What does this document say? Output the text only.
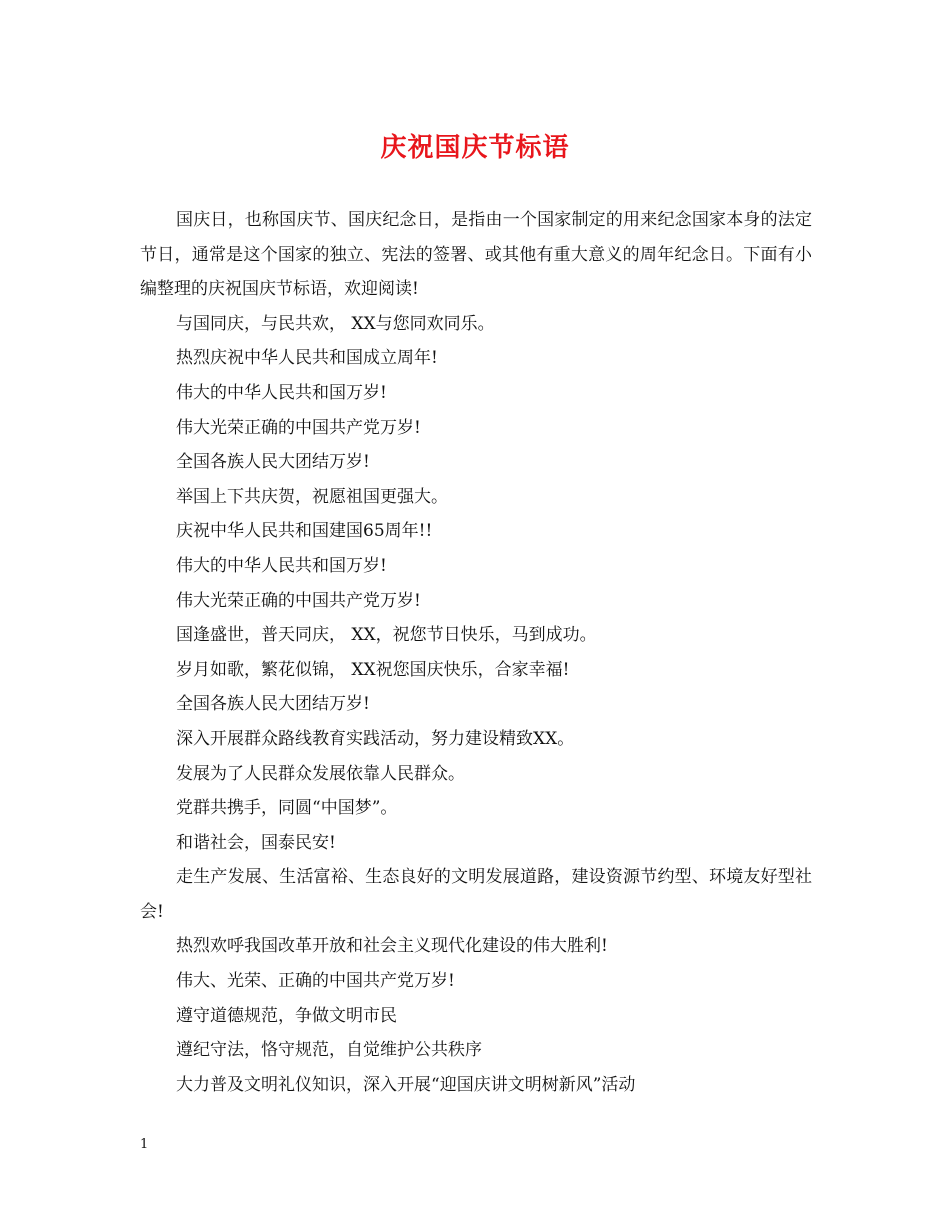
庆祝国庆节标语

国庆日，也称国庆节、国庆纪念日，是指由一个国家制定的用来纪念国家本身的法定节日，通常是这个国家的独立、宪法的签署、或其他有重大意义的周年纪念日。下面有小编整理的庆祝国庆节标语，欢迎阅读!

与国同庆，与民共欢， XX与您同欢同乐。

热烈庆祝中华人民共和国成立周年!

伟大的中华人民共和国万岁!

伟大光荣正确的中国共产党万岁!

全国各族人民大团结万岁!

举国上下共庆贺，祝愿祖国更强大。

庆祝中华人民共和国建国65周年!!

伟大的中华人民共和国万岁!

伟大光荣正确的中国共产党万岁!

国逢盛世，普天同庆， XX，祝您节日快乐，马到成功。

岁月如歌，繁花似锦， XX祝您国庆快乐，合家幸福!

全国各族人民大团结万岁!

深入开展群众路线教育实践活动，努力建设精致XX。

发展为了人民群众发展依靠人民群众。

党群共携手，同圆“中国梦”。

和谐社会，国泰民安!

走生产发展、生活富裕、生态良好的文明发展道路，建设资源节约型、环境友好型社会!

热烈欢呼我国改革开放和社会主义现代化建设的伟大胜利!

伟大、光荣、正确的中国共产党万岁!

遵守道德规范，争做文明市民

遵纪守法，恪守规范，自觉维护公共秩序

大力普及文明礼仪知识，深入开展“迎国庆讲文明树新风”活动

1
